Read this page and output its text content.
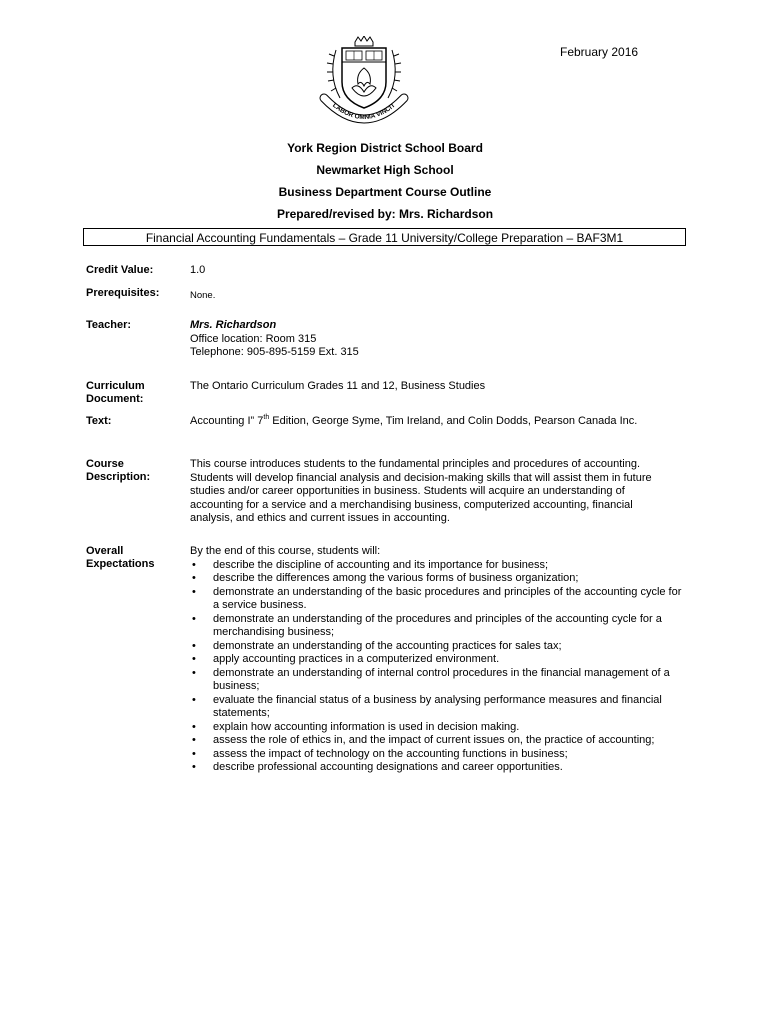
February 2016
LABOR OMNIA VINCIT
York Region District School Board
Newmarket High School
Business Department Course Outline
Prepared/revised by: Mrs. Richardson
Financial Accounting Fundamentals – Grade 11 University/College Preparation – BAF3M1
Credit Value:	1.0
Prerequisites:	None.
Teacher:	Mrs. Richardson
Office location: Room 315
Telephone: 905-895-5159 Ext. 315
Curriculum
Document:
The Ontario Curriculum Grades 11 and 12, Business Studies
Text:	Accounting I” 7th Edition, George Syme, Tim Ireland, and Colin Dodds, Pearson Canada Inc.
Course
Description:
This course introduces students to the fundamental principles and procedures of accounting.
Students will develop financial analysis and decision-making skills that will assist them in future
studies and/or career opportunities in business. Students will acquire an understanding of
accounting for a service and a merchandising business, computerized accounting, financial
analysis, and ethics and current issues in accounting.
Overall
Expectations
By the end of this course, students will:
• describe the discipline of accounting and its importance for business;
• describe the differences among the various forms of business organization;
• demonstrate an understanding of the basic procedures and principles of the accounting cycle for a service business.
• demonstrate an understanding of the procedures and principles of the accounting cycle for a merchandising business;
• demonstrate an understanding of the accounting practices for sales tax;
• apply accounting practices in a computerized environment.
• demonstrate an understanding of internal control procedures in the financial management of a business;
• evaluate the financial status of a business by analysing performance measures and financial statements;
• explain how accounting information is used in decision making.
• assess the role of ethics in, and the impact of current issues on, the practice of accounting;
• assess the impact of technology on the accounting functions in business;
• describe professional accounting designations and career opportunities.
